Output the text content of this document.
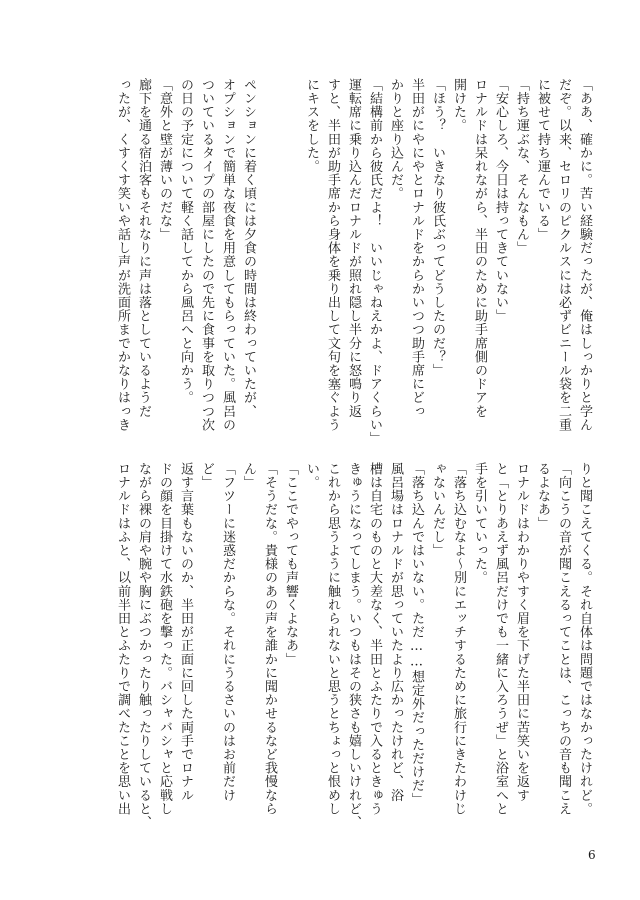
「ああ、確かに。苦い経験だったが、俺はしっかりと学ん

だぞ。以来、セロリのピクルスには必ずビニール袋を二重

に被せて持ち運んでいる」

「持ち運ぶな、そんなもん」

「安心しろ、今日は持ってきていない」

ロナルドは呆れながら、半田のために助手席側のドアを

開けた。

「ほう？　いきなり彼氏ぶってどうしたのだ？」

半田がにやにやとロナルドをからかいつつ助手席にどっ

かりと座り込んだ。

「結構前から彼氏だよ！　いいじゃねえかよ、ドアくらい」

運転席に乗り込んだロナルドが照れ隠し半分に怒鳴り返

すと、半田が助手席から身体を乗り出して文句を塞ぐよう

にキスをした。

ペンションに着く頃には夕食の時間は終わっていたが、

オプションで簡単な夜食を用意してもらっていた。風呂の

ついているタイプの部屋にしたので先に食事を取りつつ次

の日の予定について軽く話してから風呂へと向かう。

「意外と壁が薄いのだな」

廊下を通る宿泊客もそれなりに声は落としているようだ

ったが、くすくす笑いや話し声が洗面所までかなりはっき

りと聞こえてくる。それ自体は問題ではなかったけれど。

「向こうの音が聞こえるってことは、こっちの音も聞こえ

るよなあ」

ロナルドはわかりやすく眉を下げた半田に苦笑いを返す

と「とりあえず風呂だけでも一緒に入ろうぜ」と浴室へと

手を引いていった。

「落ち込むなよ～別にエッチするために旅行にきたわけじ

ゃないんだし」

「落ち込んではいない。ただ……想定外だっただけだ」

風呂場はロナルドが思っていたより広かったけれど、浴

槽は自宅のものと大差なく、半田とふたりで入るときゅう

きゅうになってしまう。いつもはその狭さも嬉しいけれど、

これから思うように触れられないと思うとちょっと恨めし

い。

「ここでやっても声響くよなあ」

「そうだな。貴様のあの声を誰かに聞かせるなど我慢なら

ん」

「フツーに迷惑だからな。それにうるさいのはお前だけ

ど」

返す言葉もないのか、半田が正面に回した両手でロナル

ドの顔を目掛けて水鉄砲を撃った。バシャバシャと応戦し

ながら裸の肩や腕や胸にぶつかったり触ったりしていると、

ロナルドはふと、以前半田とふたりで調べたことを思い出

6
